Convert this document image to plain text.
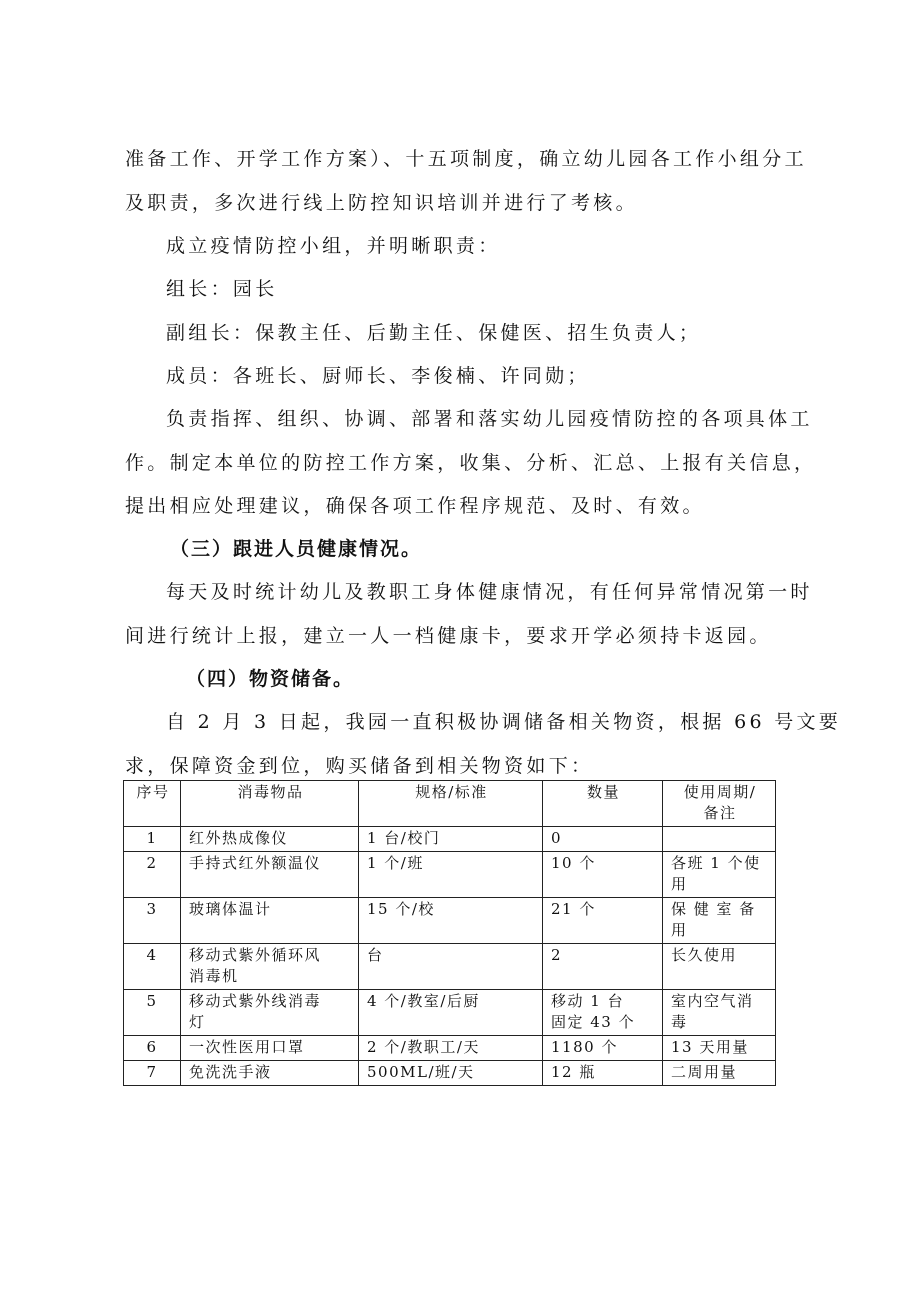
准备工作、开学工作方案）、十五项制度，确立幼儿园各工作小组分工
及职责，多次进行线上防控知识培训并进行了考核。
成立疫情防控小组，并明晰职责：
组长：园长
副组长：保教主任、后勤主任、保健医、招生负责人；
成员：各班长、厨师长、李俊楠、许同勋；
负责指挥、组织、协调、部署和落实幼儿园疫情防控的各项具体工
作。制定本单位的防控工作方案，收集、分析、汇总、上报有关信息，
提出相应处理建议，确保各项工作程序规范、及时、有效。
（三）跟进人员健康情况。
每天及时统计幼儿及教职工身体健康情况，有任何异常情况第一时
间进行统计上报，建立一人一档健康卡，要求开学必须持卡返园。
（四）物资储备。
自 2 月 3 日起，我园一直积极协调储备相关物资，根据 66 号文要
求，保障资金到位，购买储备到相关物资如下：
序号	消毒物品	规格/标准	数量	使用周期/
备注
1	红外热成像仪	1 台/校门	0	
2	手持式红外额温仪	1 个/班	10 个	各班 1 个使
用
3	玻璃体温计	15 个/校	21 个	保 健 室 备
用
4	移动式紫外循环风
消毒机	台	2	长久使用
5	移动式紫外线消毒
灯	4 个/教室/后厨	移动 1 台
固定 43 个	室内空气消
毒
6	一次性医用口罩	2 个/教职工/天	1180 个	13 天用量
7	免洗洗手液	500ML/班/天	12 瓶	二周用量
